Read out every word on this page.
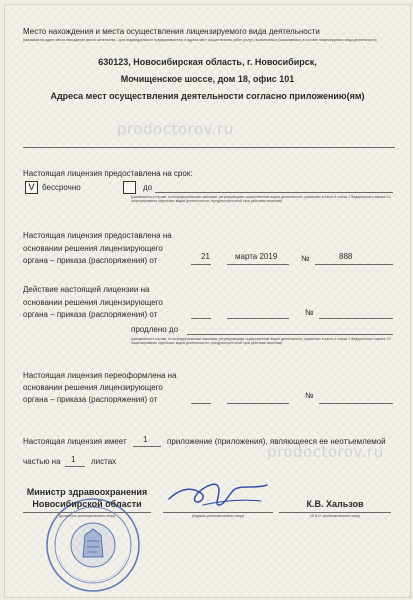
prodoctorov.ru
prodoctorov.ru
Место нахождения и места осуществления лицензируемого вида деятельности
(указываются адрес места нахождения (место жительства – для индивидуального предпринимателя) и адреса мест осуществления работ (услуг), выполняемых (оказываемых) в составе лицензируемого вида деятельности)
630123, Новосибирская область, г. Новосибирск,
Мочищенское шоссе, дом 18, офис 101
Адреса мест осуществления деятельности согласно приложению(ям)
Настоящая лицензия предоставлена на срок:
V бессрочно	до
(указывается в случае, если федеральными законами, регулирующими осуществление видов деятельности, указанных в части 4 статьи 1 Федерального закона «О лицензировании отдельных видов деятельности», предусмотрен иной срок действия лицензии)
Настоящая лицензия предоставлена на
основании решения лицензирующего
органа – приказа (распоряжения) от	21	марта 2019	№	888
Действие настоящей лицензии на
основании решения лицензирующего
органа – приказа (распоряжения) от	№
продлено до
(указывается в случае, если федеральными законами, регулирующими осуществление видов деятельности, указанных в части 4 статьи 1 Федерального закона «О лицензировании отдельных видов деятельности», предусмотрен иной срок действия лицензии)
Настоящая лицензия переоформлена на
основании решения лицензирующего
органа – приказа (распоряжения) от	№
Настоящая лицензия имеет 1 приложение (приложения), являющееся ее неотъемлемой
частью на 1 листах
Министр здравоохранения
Новосибирской области
(должность уполномоченного лица)	(подпись уполномоченного лица)
К.В. Хальзов
(Ф.И.О. уполномоченного лица)
